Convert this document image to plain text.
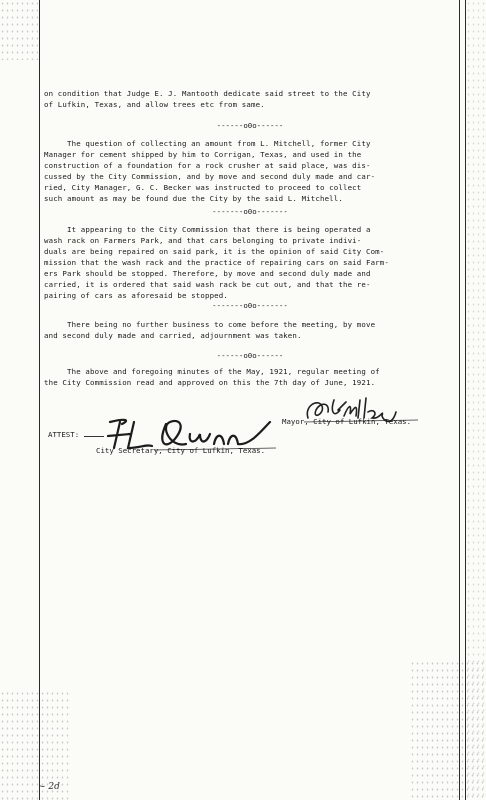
on condition that Judge E. J. Mantooth dedicate said street to the City
of Lufkin, Texas, and allow trees etc from same.

------o0o------

The question of collecting an amount from L. Mitchell, former City
Manager for cement shipped by him to Corrigan, Texas, and used in the
construction of a foundation for a rock crusher at said place, was dis-
cussed by the City Commission, and by move and second duly made and car-
ried, City Manager, G. C. Becker was instructed to proceed to collect
such amount as may be found due the City by the said L. Mitchell.

-------o0o-------

It appearing to the City Commission that there is being operated a
wash rack on Farmers Park, and that cars belonging to private indivi-
duals are being repaired on said park, it is the opinion of said City Com-
mission that the wash rack and the practice of repairing cars on said Farm-
ers Park should be stopped. Therefore, by move and second duly made and
carried, it is ordered that said wash rack be cut out, and that the re-
pairing of cars as aforesaid be stopped.

-------o0o-------

There being no further business to come before the meeting, by move
and second duly made and carried, adjournment was taken.

------o0o------

The above and foregoing minutes of the May, 1921, regular meeting of
the City Commission read and approved on this the 7th day of June, 1921.

Mayor, City of Lufkin, Texas.
ATTEST:
City Secretary, City of Lufkin, Texas.
~ 2d
